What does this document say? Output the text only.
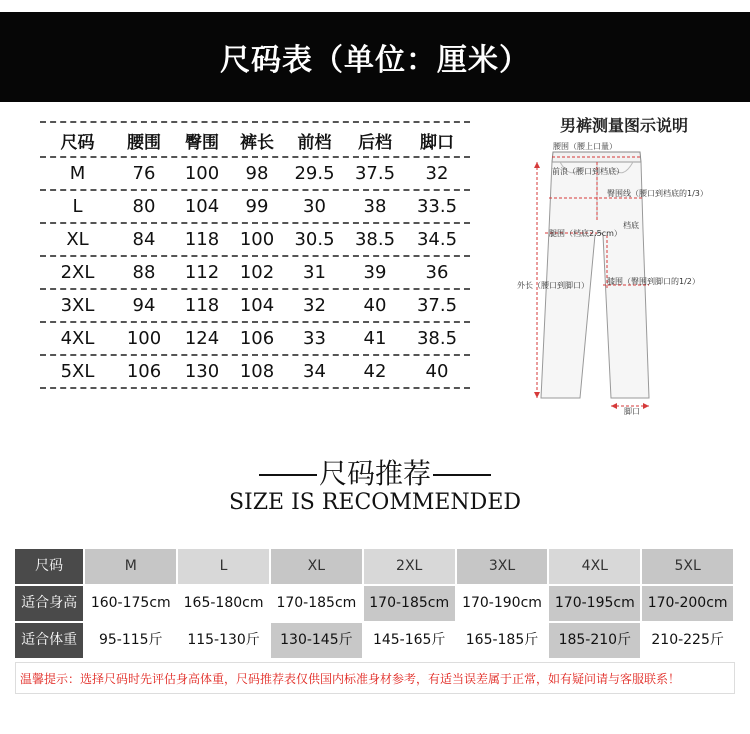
尺码表（单位：厘米）
尺码	腰围	臀围	裤长	前档	后档	脚口
M	76	100	98	29.5	37.5	32
L	80	104	99	30	38	33.5
XL	84	118	100	30.5	38.5	34.5
2XL	88	112	102	31	39	36
3XL	94	118	104	32	40	37.5
4XL	100	124	106	33	41	38.5
5XL	106	130	108	34	42	40
男裤测量图示说明
腰围（腰上口量）
前浪（腰口到档底）
臀围线（腰口到档底的1/3）
档底
腿围（档底2.5cm）
外长（腰口到脚口） 膝围（臀围到脚口的1/2）
脚口
尺码推荐
SIZE IS RECOMMENDED
尺码	M	L	XL	2XL	3XL	4XL	5XL
适合身高 160-175cm 165-180cm 170-185cm 170-185cm 170-190cm 170-195cm 170-200cm
适合体重	95-115斤	115-130斤	130-145斤	145-165斤	165-185斤	185-210斤	210-225斤
温馨提示：选择尺码时先评估身高体重，尺码推荐表仅供国内标准身材参考，有适当误差属于正常，如有疑问请与客服联系！
